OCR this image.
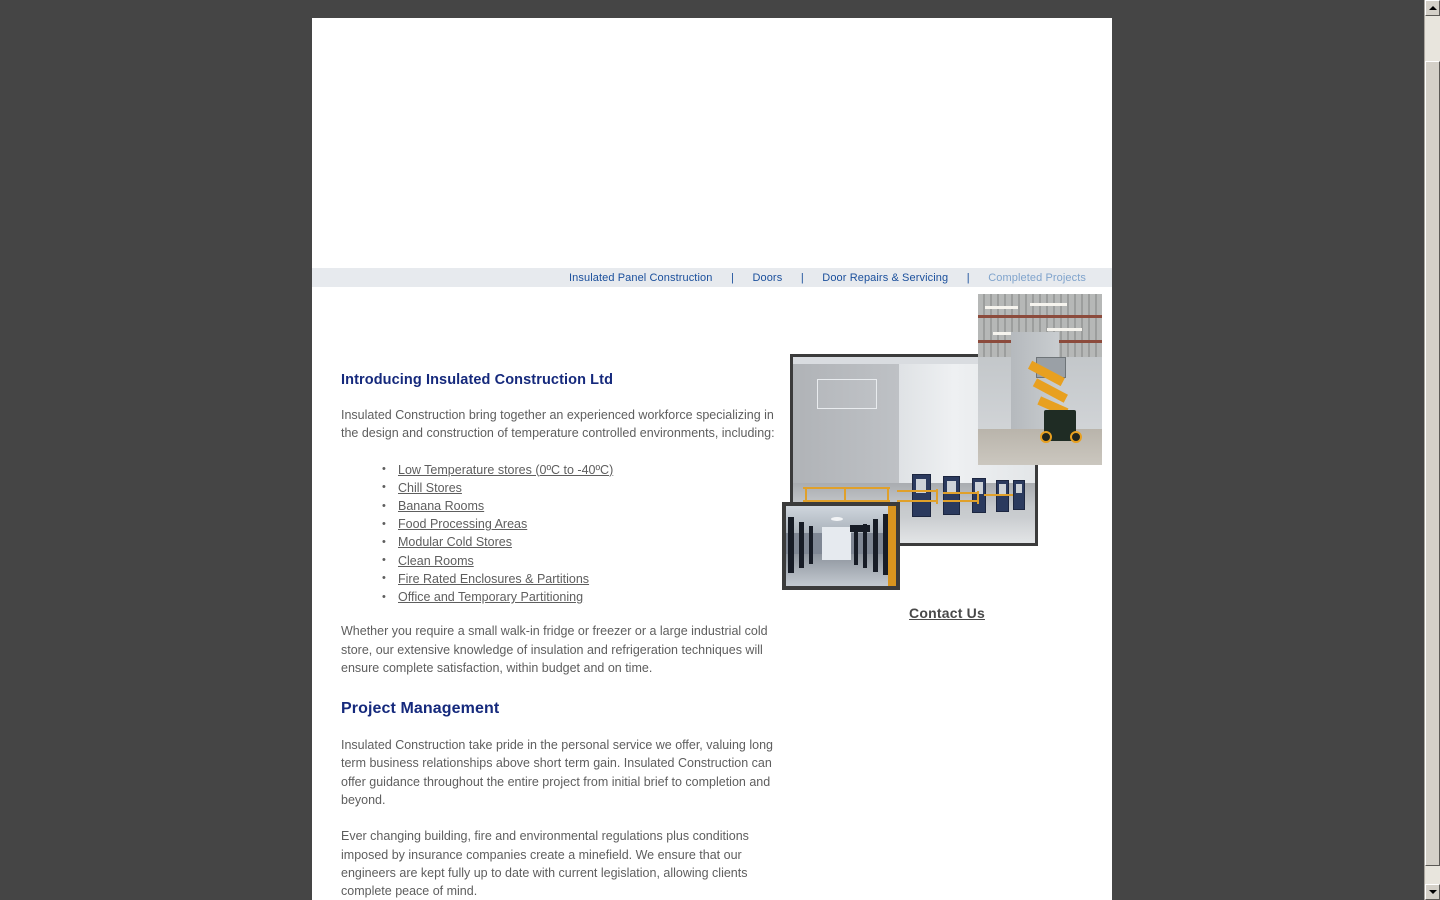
Insulated Panel Construction	|	Doors	|	Door Repairs & Servicing	|	Completed Projects
Introducing Insulated Construction Ltd

Insulated Construction bring together an experienced workforce specializing in the design and construction of temperature controlled environments, including:

• Low Temperature stores (0ºC to -40ºC)
• Chill Stores
• Banana Rooms
• Food Processing Areas
• Modular Cold Stores
• Clean Rooms
• Fire Rated Enclosures & Partitions
• Office and Temporary Partitioning

Whether you require a small walk-in fridge or freezer or a large industrial cold store, our extensive knowledge of insulation and refrigeration techniques will ensure complete satisfaction, within budget and on time.

Project Management

Insulated Construction take pride in the personal service we offer, valuing long term business relationships above short term gain. Insulated Construction can offer guidance throughout the entire project from initial brief to completion and beyond.

Ever changing building, fire and environmental regulations plus conditions imposed by insurance companies create a minefield. We ensure that our engineers are kept fully up to date with current legislation, allowing clients complete peace of mind.

Contact Us
